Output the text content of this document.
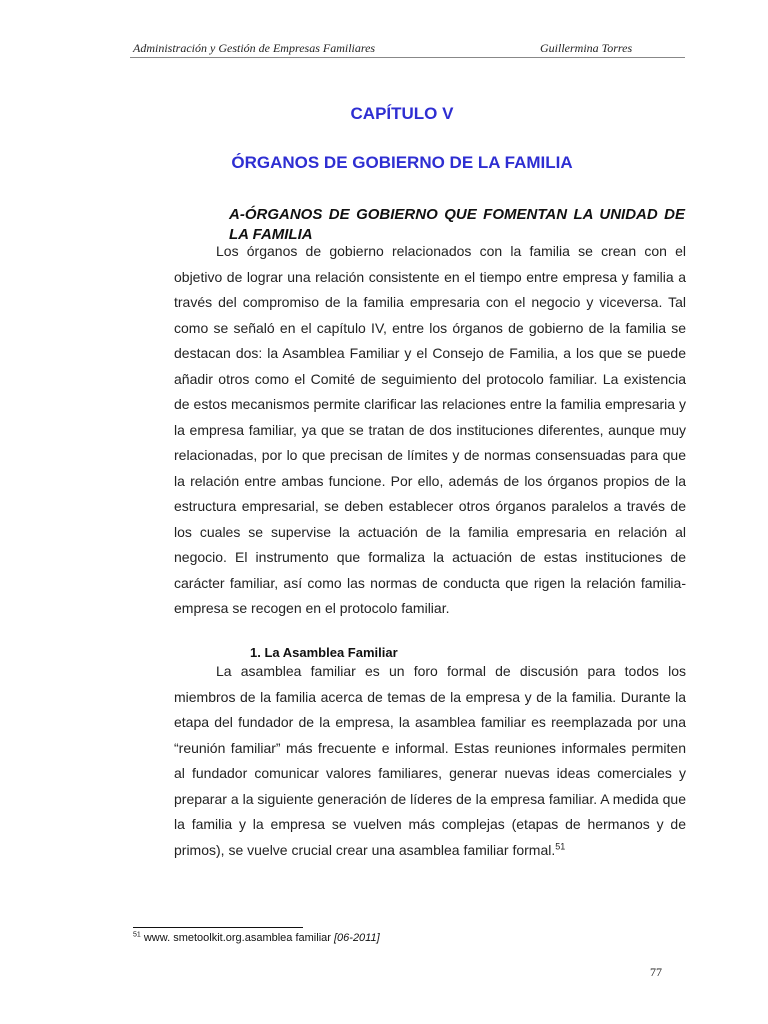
Administración y Gestión de Empresas Familiares	Guillermina Torres
CAPÍTULO V
ÓRGANOS DE GOBIERNO DE LA FAMILIA
A-ÓRGANOS DE GOBIERNO QUE FOMENTAN LA UNIDAD DE LA FAMILIA
Los órganos de gobierno relacionados con la familia se crean con el objetivo de lograr una relación consistente en el tiempo entre empresa y familia a través del compromiso de la familia empresaria con el negocio y viceversa. Tal como se señaló en el capítulo IV, entre los órganos de gobierno de la familia se destacan dos: la Asamblea Familiar y el Consejo de Familia, a los que se puede añadir otros como el Comité de seguimiento del protocolo familiar. La existencia de estos mecanismos permite clarificar las relaciones entre la familia empresaria y la empresa familiar, ya que se tratan de dos instituciones diferentes, aunque muy relacionadas, por lo que precisan de límites y de normas consensuadas para que la relación entre ambas funcione. Por ello, además de los órganos propios de la estructura empresarial, se deben establecer otros órganos paralelos a través de los cuales se supervise la actuación de la familia empresaria en relación al negocio. El instrumento que formaliza la actuación de estas instituciones de carácter familiar, así como las normas de conducta que rigen la relación familia-empresa se recogen en el protocolo familiar.
1. La Asamblea Familiar
La asamblea familiar es un foro formal de discusión para todos los miembros de la familia acerca de temas de la empresa y de la familia. Durante la etapa del fundador de la empresa, la asamblea familiar es reemplazada por una “reunión familiar” más frecuente e informal. Estas reuniones informales permiten al fundador comunicar valores familiares, generar nuevas ideas comerciales y preparar a la siguiente generación de líderes de la empresa familiar. A medida que la familia y la empresa se vuelven más complejas (etapas de hermanos y de primos), se vuelve crucial crear una asamblea familiar formal.$^{51}$
$^{51}$ www. smetoolkit.org.asamblea familiar [06-2011]
77
